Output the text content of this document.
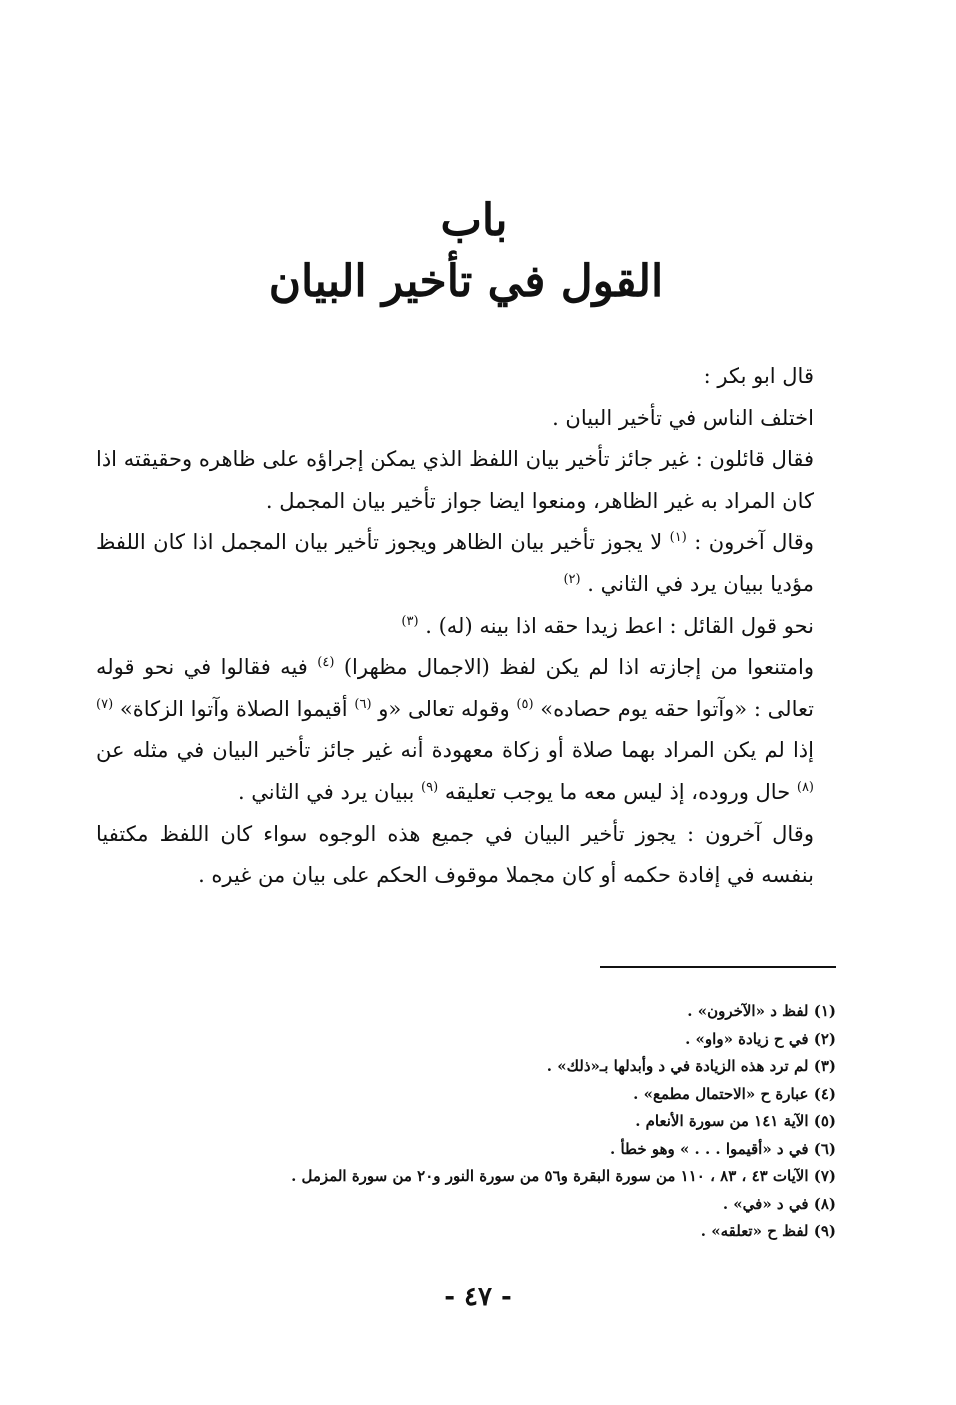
باب
القول في تأخير البيان

قال ابو بكر :

اختلف الناس في تأخير البيان .

فقال قائلون : غير جائز تأخير بيان اللفظ الذي يمكن إجراؤه على ظاهره وحقيقته اذا كان المراد به غير الظاهر، ومنعوا ايضا جواز تأخير بيان المجمل .

وقال آخرون : $^{(١)}$ لا يجوز تأخير بيان الظاهر ويجوز تأخير بيان المجمل اذا كان اللفظ مؤديا ببيان يرد في الثاني . $^{(٢)}$

نحو قول القائل : اعط زيدا حقه اذا بينه (له) . $^{(٣)}$

وامتنعوا من إجازته اذا لم يكن لفظ (الاجمال مظهرا) $^{(٤)}$ فيه فقالوا في نحو قوله تعالى : «وآتوا حقه يوم حصاده» $^{(٥)}$ وقوله تعالى «و $^{(٦)}$ أقيموا الصلاة وآتوا الزكاة» $^{(٧)}$ إذا لم يكن المراد بهما صلاة أو زكاة معهودة أنه غير جائز تأخير البيان في مثله عن $^{(٨)}$ حال وروده، إذ ليس معه ما يوجب تعليقه $^{(٩)}$ ببيان يرد في الثاني .

وقال آخرون : يجوز تأخير البيان في جميع هذه الوجوه سواء كان اللفظ مكتفيا بنفسه في إفادة حكمه أو كان مجملا موقوف الحكم على بيان من غيره .

(١) لفظ د «الآخرون» .
(٢) في ح زيادة «واو» .
(٣) لم ترد هذه الزيادة في د وأبدلها بـ«ذلك» .
(٤) عبارة ح «الاحتمال مطمع» .
(٥) الآية ١٤١ من سورة الأنعام .
(٦) في د «أقيموا . . . » وهو خطأ .
(٧) الآيات ٤٣ ، ٨٣ ، ١١٠ من سورة البقرة و٥٦ من سورة النور و٢٠ من سورة المزمل .
(٨) في د «في» .
(٩) لفظ ح «تعلقه» .
- ٤٧ -
